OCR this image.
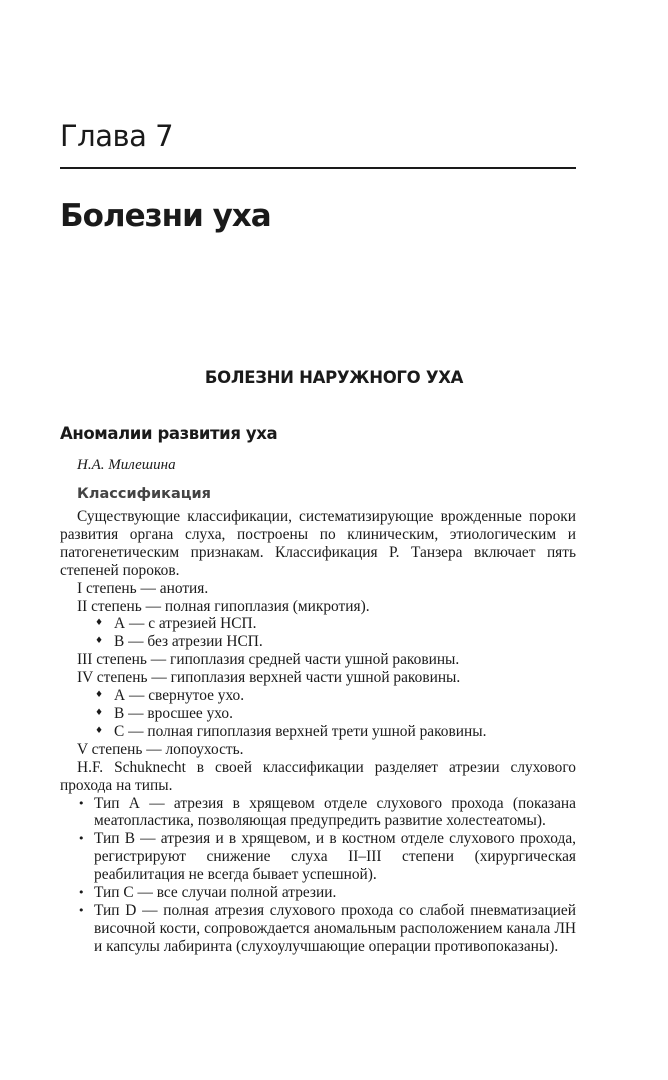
Глава 7
Болезни уха
БОЛЕЗНИ НАРУЖНОГО УХА
Аномалии развития уха

Н.А. Милешина

Классификация

Существующие классификации, систематизирующие врожденные пороки развития органа слуха, построены по клиническим, этиологическим и патогенетическим признакам. Классификация Р. Танзера включает пять степеней пороков.

I степень — анотия.

II степень — полная гипоплазия (микротия).

♦ А — с атрезией НСП.

♦ В — без атрезии НСП.

III степень — гипоплазия средней части ушной раковины.

IV степень — гипоплазия верхней части ушной раковины.

♦ А — свернутое ухо.

♦ В — вросшее ухо.

♦ С — полная гипоплазия верхней трети ушной раковины.

V степень — лопоухость.

H.F. Schuknecht в своей классификации разделяет атрезии слухового прохода на типы.

• Тип А — атрезия в хрящевом отделе слухового прохода (показана меатопластика, позволяющая предупредить развитие холестеатомы).

• Тип В — атрезия и в хрящевом, и в костном отделе слухового прохода, регистрируют снижение слуха II–III степени (хирургическая реабилитация не всегда бывает успешной).

• Тип С — все случаи полной атрезии.

• Тип D — полная атрезия слухового прохода со слабой пневматизацией височной кости, сопровождается аномальным расположением канала ЛН и капсулы лабиринта (слухоулучшающие операции противопоказаны).
